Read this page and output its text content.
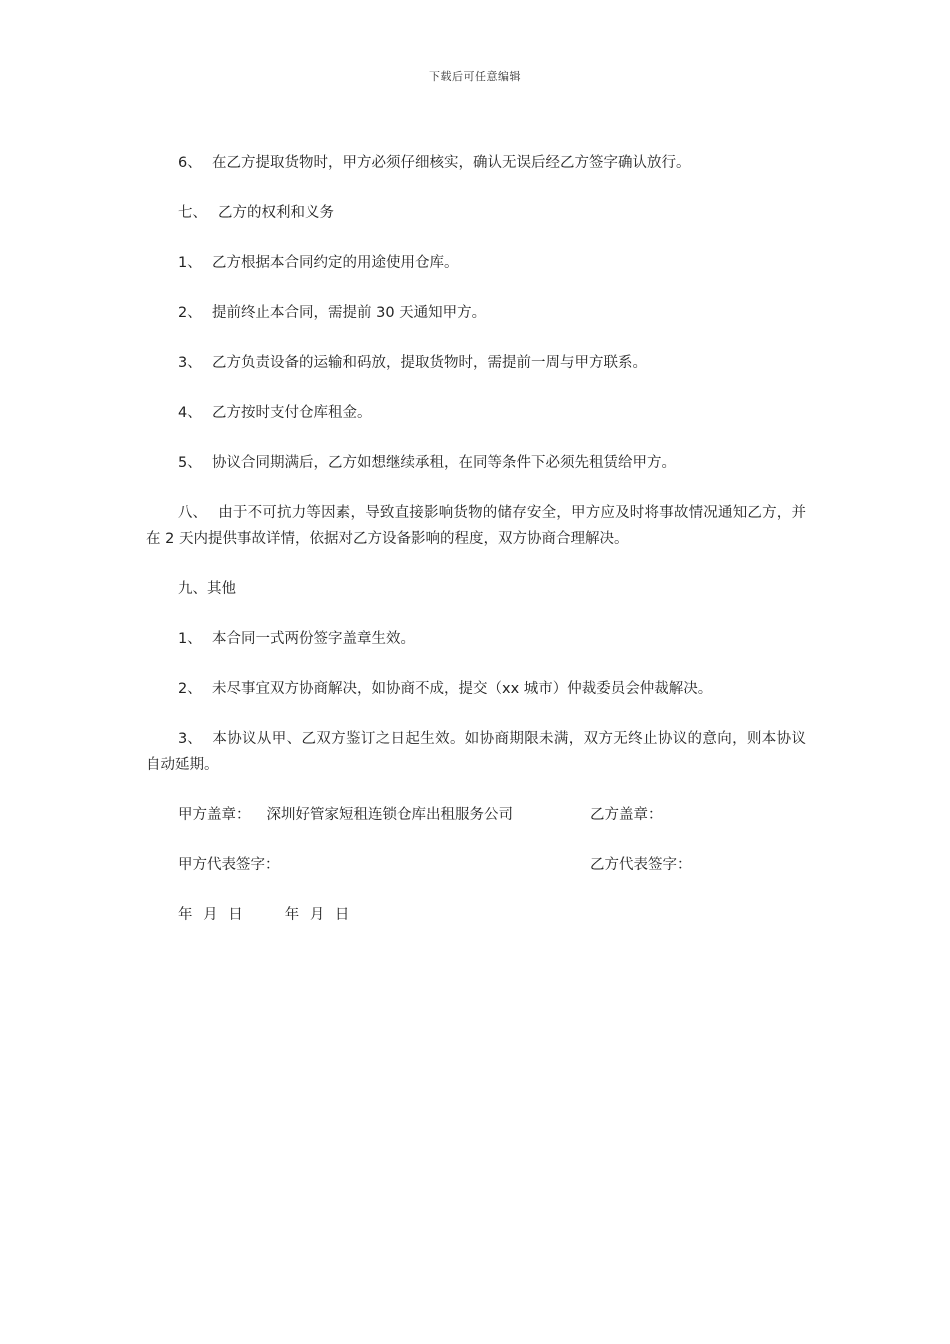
下载后可任意编辑

6、 在乙方提取货物时，甲方必须仔细核实，确认无误后经乙方签字确认放行。

七、 乙方的权利和义务

1、 乙方根据本合同约定的用途使用仓库。

2、 提前终止本合同，需提前 30 天通知甲方。

3、 乙方负责设备的运输和码放，提取货物时，需提前一周与甲方联系。

4、 乙方按时支付仓库租金。

5、 协议合同期满后，乙方如想继续承租，在同等条件下必须先租赁给甲方。

八、 由于不可抗力等因素，导致直接影响货物的储存安全，甲方应及时将事故情况通知乙方，并在 2 天内提供事故详情，依据对乙方设备影响的程度，双方协商合理解决。

九、其他

1、 本合同一式两份签字盖章生效。

2、 未尽事宜双方协商解决，如协商不成，提交（xx 城市）仲裁委员会仲裁解决。

3、 本协议从甲、乙双方鉴订之日起生效。如协商期限未满，双方无终止协议的意向，则本协议自动延期。

甲方盖章： 深圳好管家短租连锁仓库出租服务公司	乙方盖章：
甲方代表签字：	乙方代表签字：
年 月 日	年 月 日
